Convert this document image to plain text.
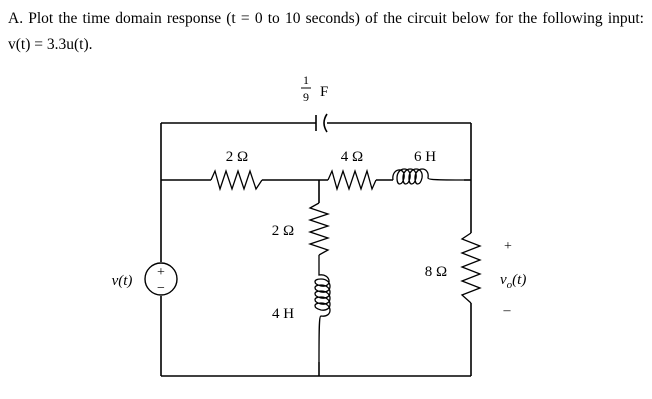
A. Plot the time domain response (t = 0 to 10 seconds) of the circuit below for the following input: v(t) = 3.3u(t).

1
9 F
2 Ω	4 Ω	6 H
2 Ω
4 H
8 Ω
+
−
v(t)
+
$v_o(t)$
–
